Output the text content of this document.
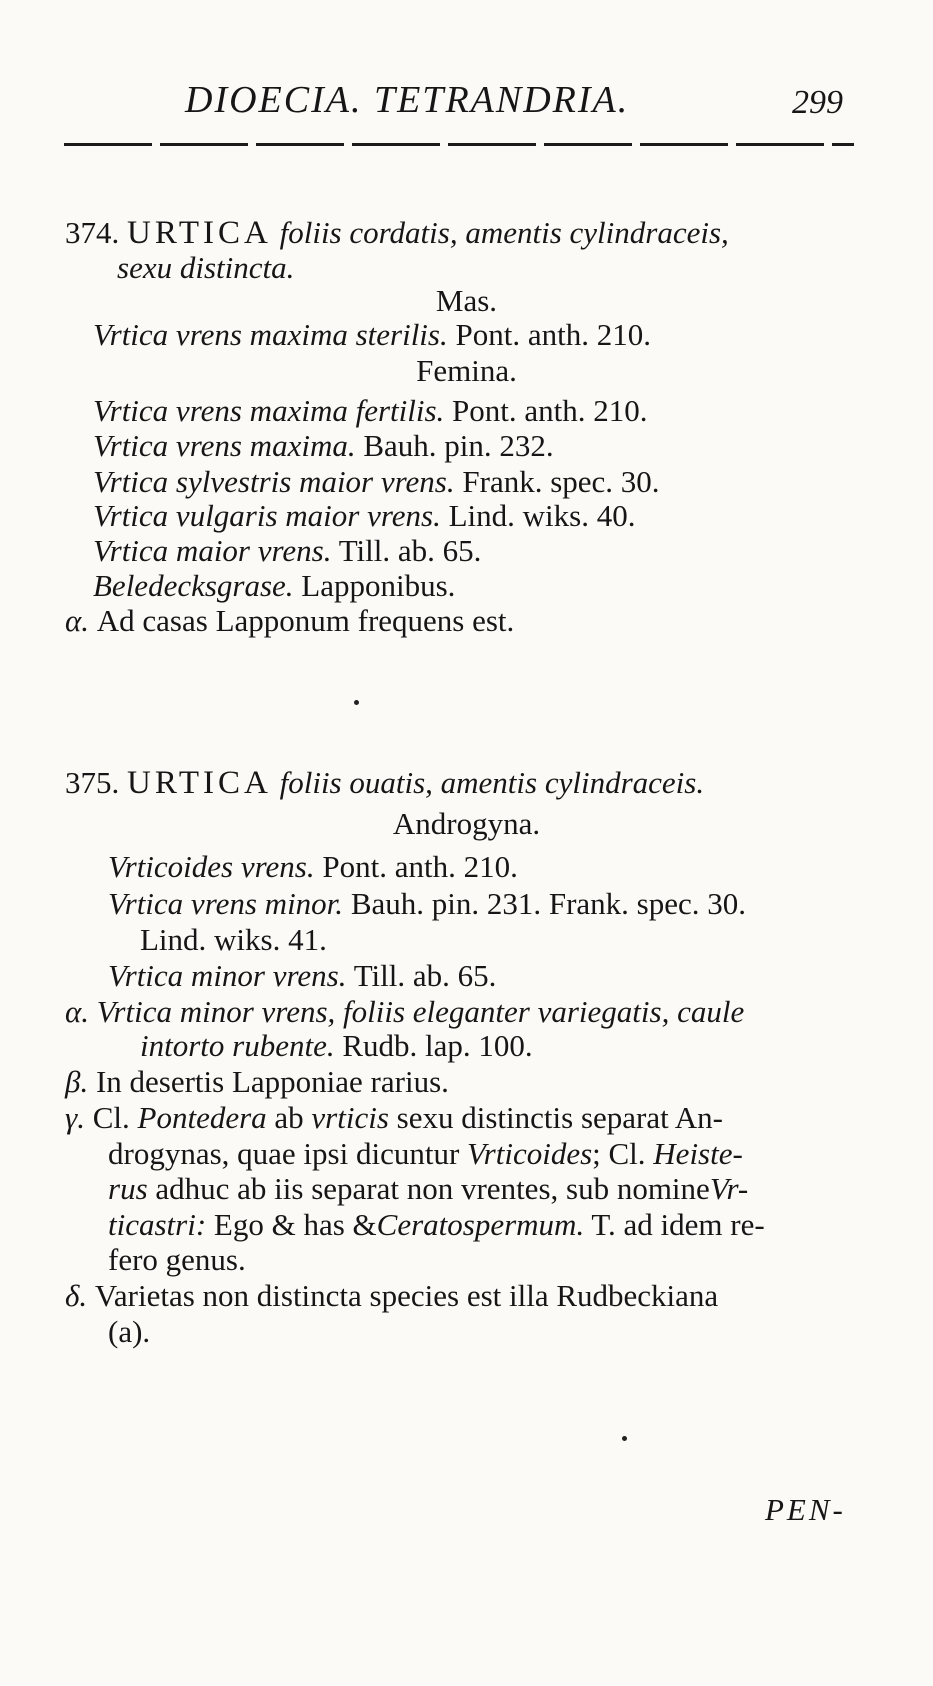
DIOECIA. TETRANDRIA.	299
374. URTICA foliis cordatis, amentis cylindraceis,
sexu distincta.
Mas.
Vrtica vrens maxima sterilis. Pont. anth. 210.
Femina.
Vrtica vrens maxima fertilis. Pont. anth. 210.
Vrtica vrens maxima. Bauh. pin. 232.
Vrtica sylvestris maior vrens. Frank. spec. 30.
Vrtica vulgaris maior vrens. Lind. wiks. 40.
Vrtica maior vrens. Till. ab. 65.
Beledecksgrase. Lapponibus.
α. Ad casas Lapponum frequens est.
375. URTICA foliis ouatis, amentis cylindraceis.
Androgyna.
Vrticoides vrens. Pont. anth. 210.
Vrtica vrens minor. Bauh. pin. 231. Frank. spec. 30.
Lind. wiks. 41.
Vrtica minor vrens. Till. ab. 65.
α. Vrtica minor vrens, foliis eleganter variegatis, caule
intorto rubente. Rudb. lap. 100.
β. In desertis Lapponiae rarius.
γ. Cl. Pontedera ab vrticis sexu distinctis separat An-
drogynas, quae ipsi dicuntur Vrticoides; Cl. Heiste-
rus adhuc ab iis separat non vrentes, sub nomineVr-
ticastri: Ego & has &Ceratospermum. T. ad idem re-
fero genus.
δ. Varietas non distincta species est illa Rudbeckiana
(a).
PEN-
